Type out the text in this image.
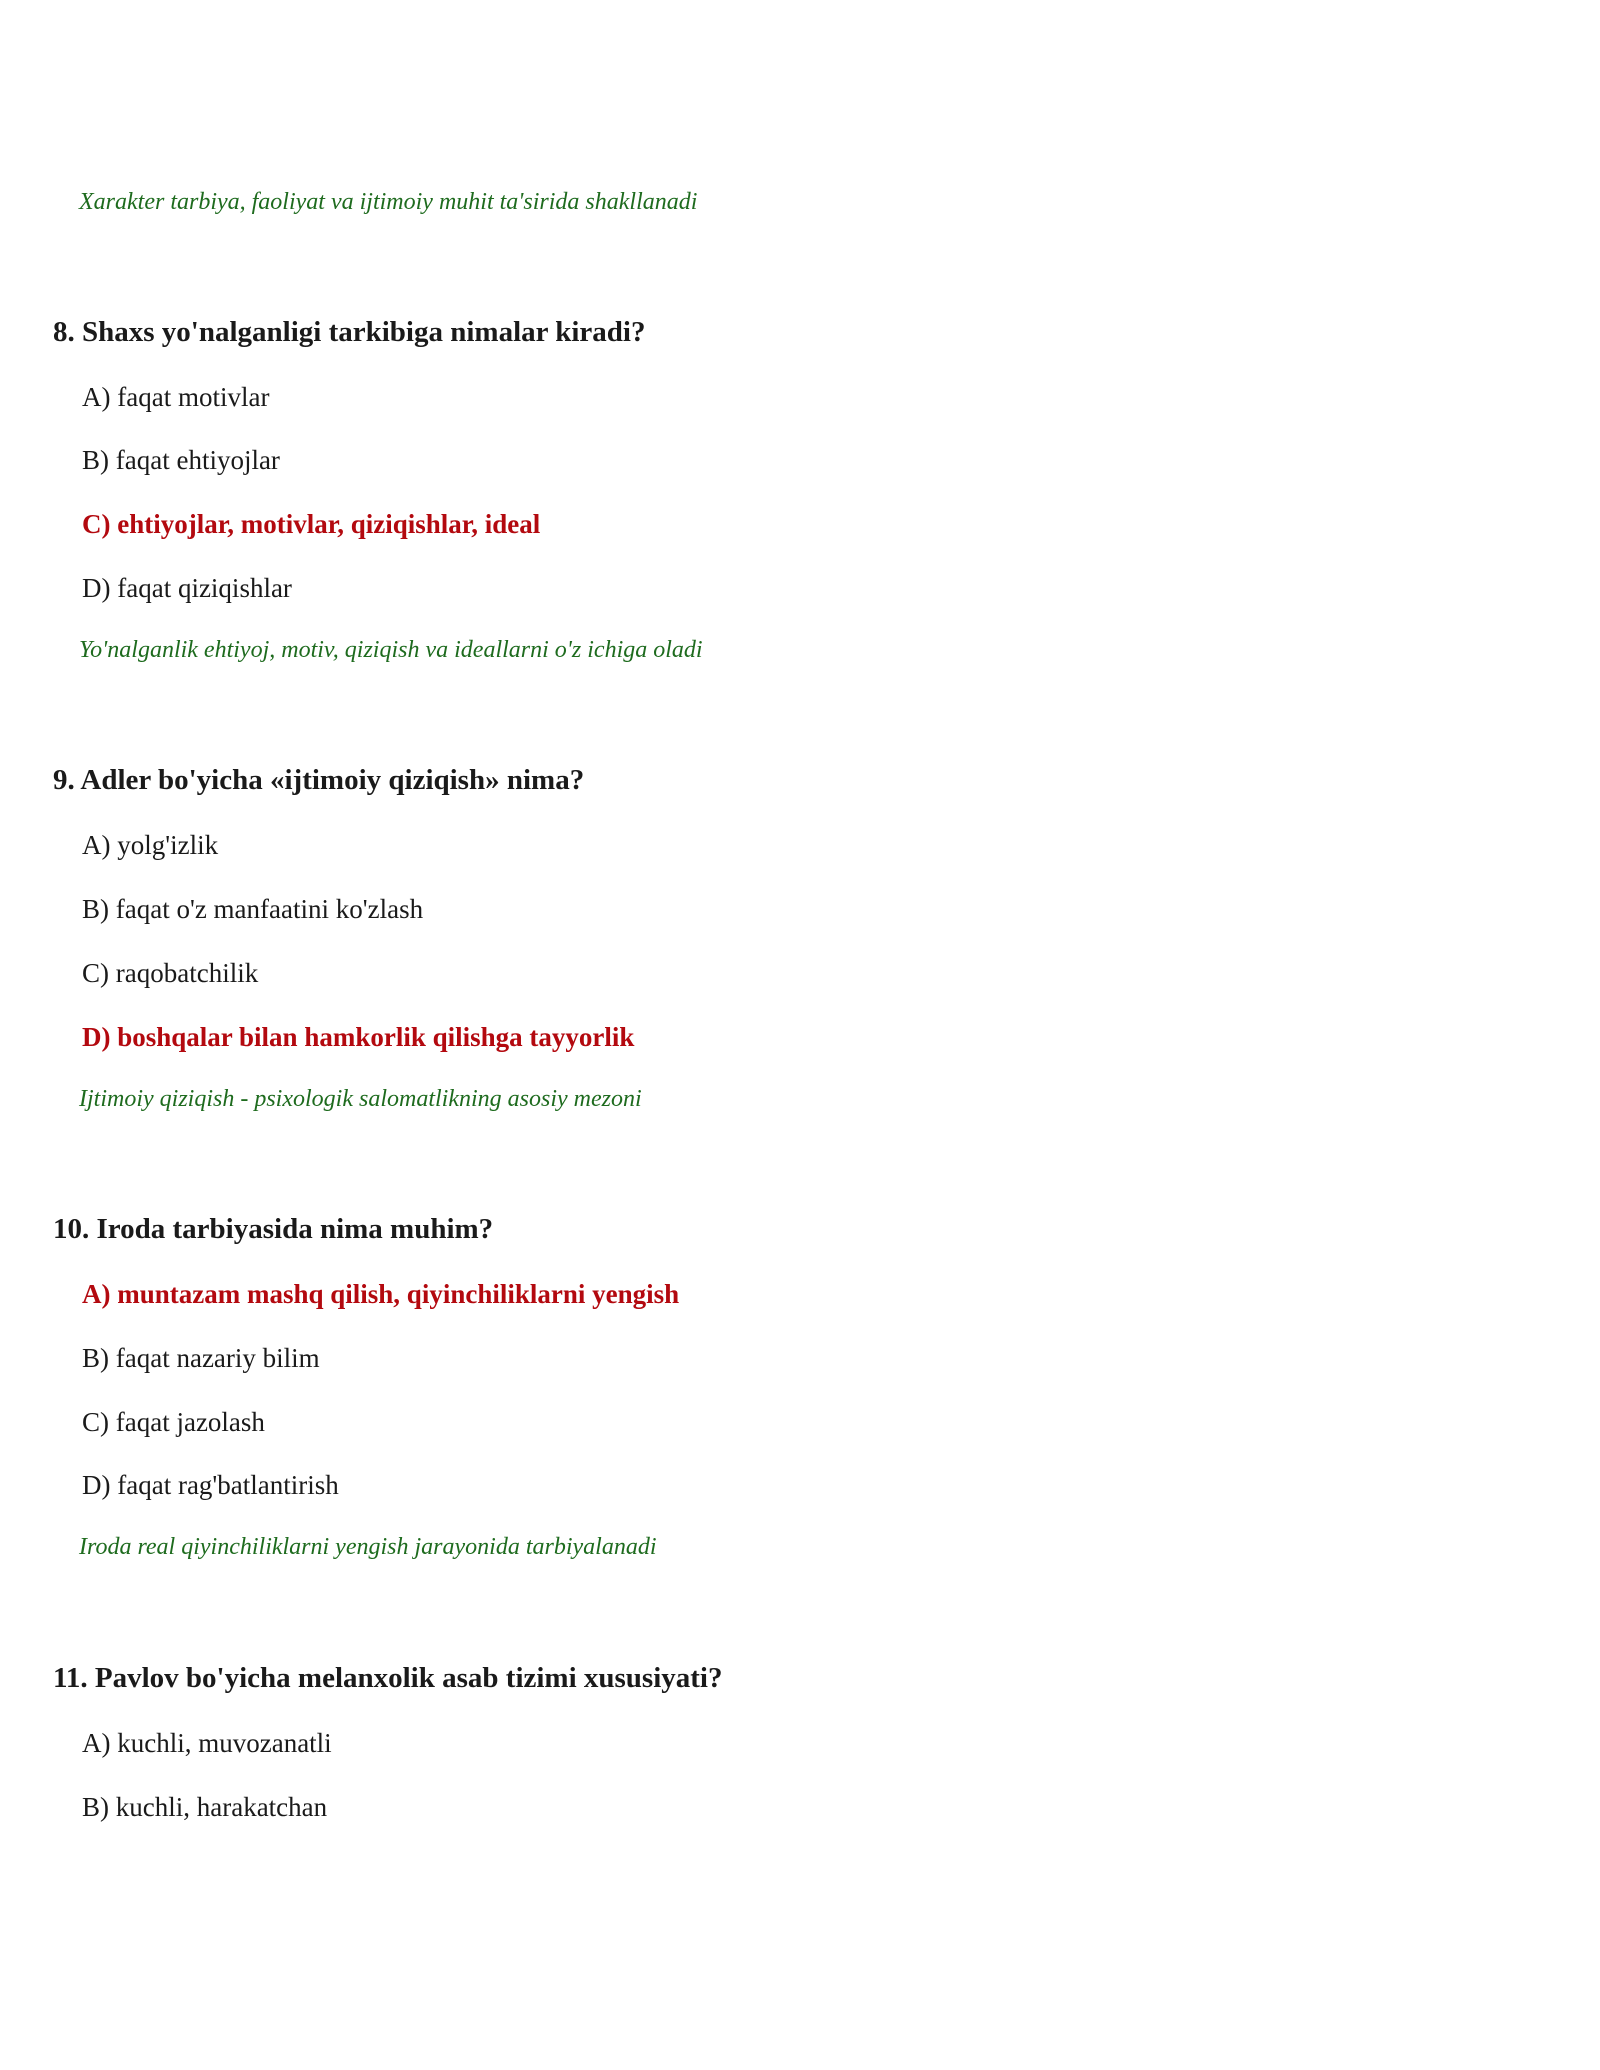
Xarakter tarbiya, faoliyat va ijtimoiy muhit ta'sirida shakllanadi
8. Shaxs yo'nalganligi tarkibiga nimalar kiradi?
A) faqat motivlar
B) faqat ehtiyojlar
C) ehtiyojlar, motivlar, qiziqishlar, ideal
D) faqat qiziqishlar
Yo'nalganlik ehtiyoj, motiv, qiziqish va ideallarni o'z ichiga oladi
9. Adler bo'yicha «ijtimoiy qiziqish» nima?
A) yolg'izlik
B) faqat o'z manfaatini ko'zlash
C) raqobatchilik
D) boshqalar bilan hamkorlik qilishga tayyorlik
Ijtimoiy qiziqish - psixologik salomatlikning asosiy mezoni
10. Iroda tarbiyasida nima muhim?
A) muntazam mashq qilish, qiyinchiliklarni yengish
B) faqat nazariy bilim
C) faqat jazolash
D) faqat rag'batlantirish
Iroda real qiyinchiliklarni yengish jarayonida tarbiyalanadi
11. Pavlov bo'yicha melanxolik asab tizimi xususiyati?
A) kuchli, muvozanatli
B) kuchli, harakatchan
